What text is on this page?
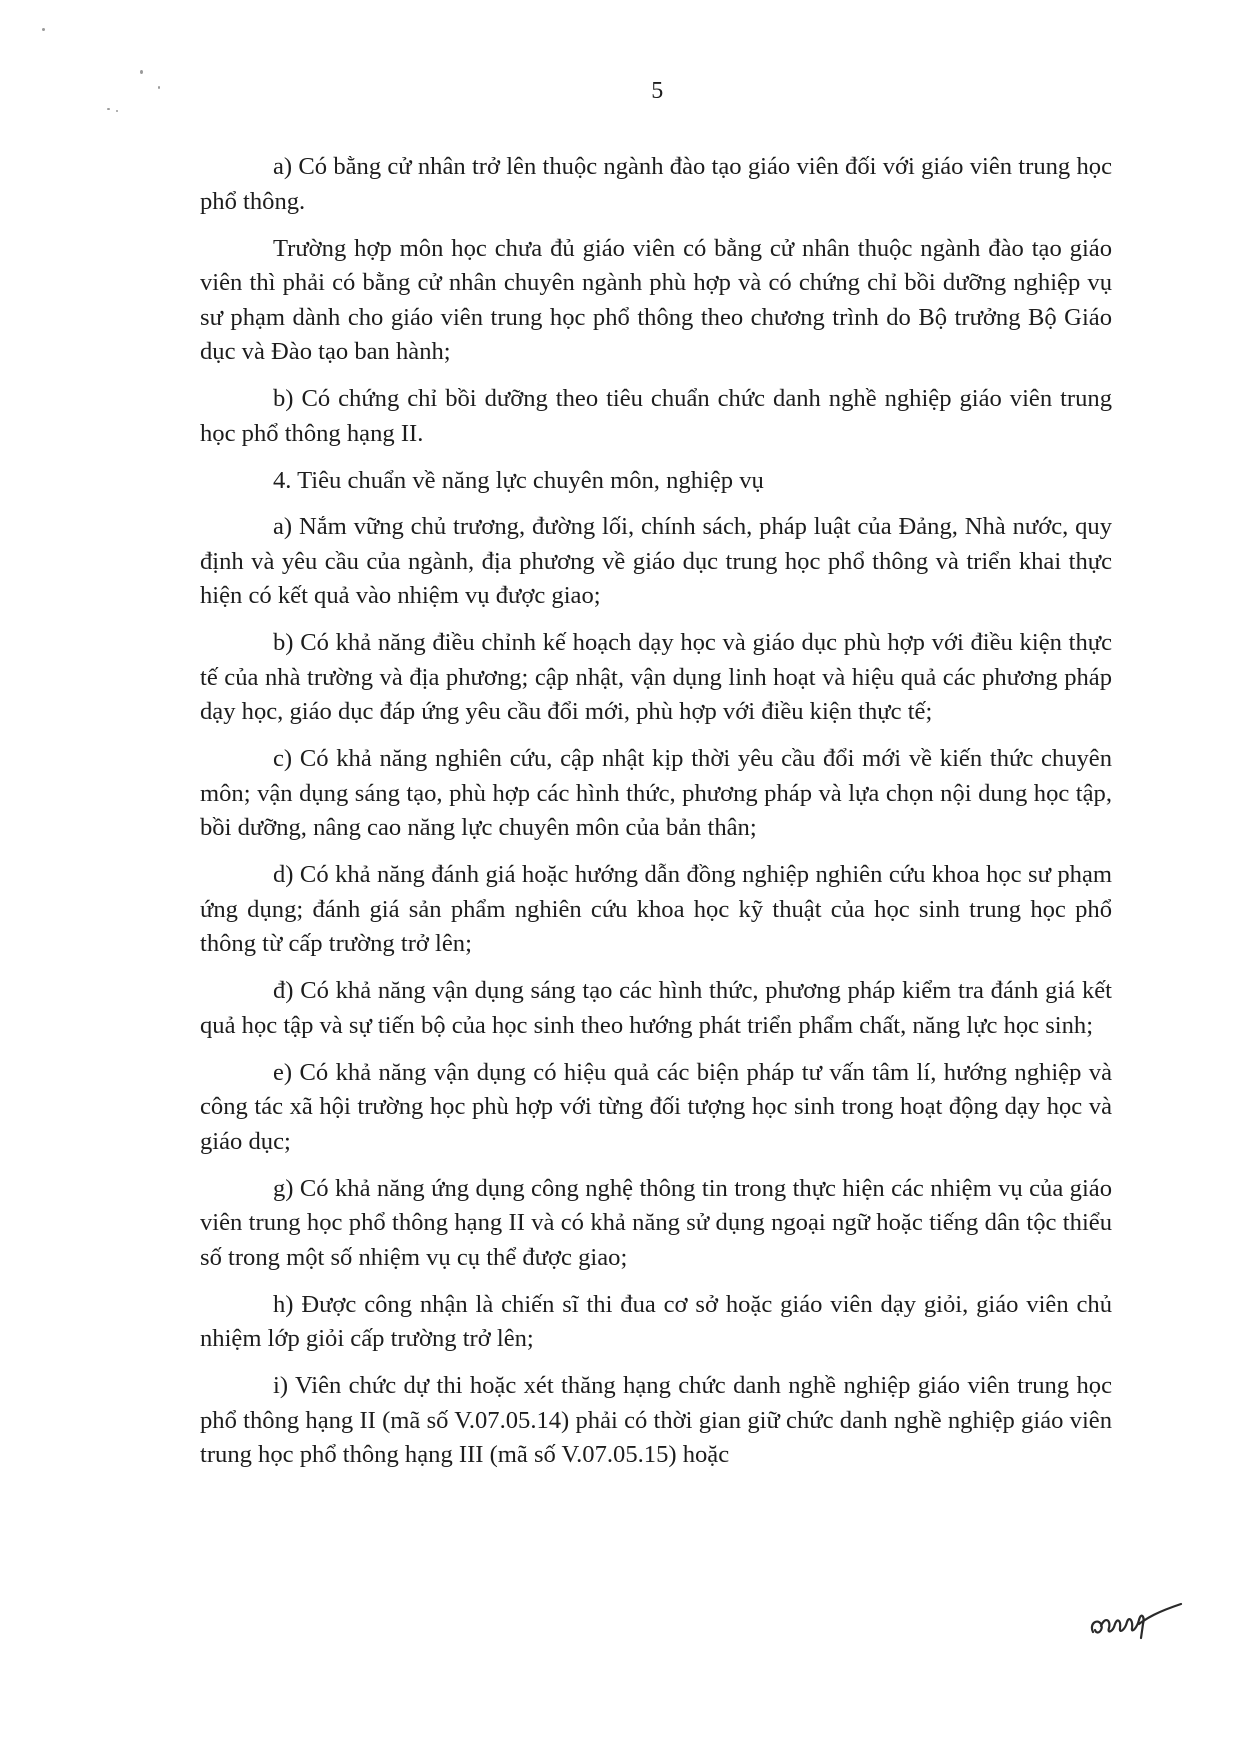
5

a) Có bằng cử nhân trở lên thuộc ngành đào tạo giáo viên đối với giáo viên trung học phổ thông.

Trường hợp môn học chưa đủ giáo viên có bằng cử nhân thuộc ngành đào tạo giáo viên thì phải có bằng cử nhân chuyên ngành phù hợp và có chứng chỉ bồi dưỡng nghiệp vụ sư phạm dành cho giáo viên trung học phổ thông theo chương trình do Bộ trưởng Bộ Giáo dục và Đào tạo ban hành;

b) Có chứng chỉ bồi dưỡng theo tiêu chuẩn chức danh nghề nghiệp giáo viên trung học phổ thông hạng II.

4. Tiêu chuẩn về năng lực chuyên môn, nghiệp vụ

a) Nắm vững chủ trương, đường lối, chính sách, pháp luật của Đảng, Nhà nước, quy định và yêu cầu của ngành, địa phương về giáo dục trung học phổ thông và triển khai thực hiện có kết quả vào nhiệm vụ được giao;

b) Có khả năng điều chỉnh kế hoạch dạy học và giáo dục phù hợp với điều kiện thực tế của nhà trường và địa phương; cập nhật, vận dụng linh hoạt và hiệu quả các phương pháp dạy học, giáo dục đáp ứng yêu cầu đổi mới, phù hợp với điều kiện thực tế;

c) Có khả năng nghiên cứu, cập nhật kịp thời yêu cầu đổi mới về kiến thức chuyên môn; vận dụng sáng tạo, phù hợp các hình thức, phương pháp và lựa chọn nội dung học tập, bồi dưỡng, nâng cao năng lực chuyên môn của bản thân;

d) Có khả năng đánh giá hoặc hướng dẫn đồng nghiệp nghiên cứu khoa học sư phạm ứng dụng; đánh giá sản phẩm nghiên cứu khoa học kỹ thuật của học sinh trung học phổ thông từ cấp trường trở lên;

đ) Có khả năng vận dụng sáng tạo các hình thức, phương pháp kiểm tra đánh giá kết quả học tập và sự tiến bộ của học sinh theo hướng phát triển phẩm chất, năng lực học sinh;

e) Có khả năng vận dụng có hiệu quả các biện pháp tư vấn tâm lí, hướng nghiệp và công tác xã hội trường học phù hợp với từng đối tượng học sinh trong hoạt động dạy học và giáo dục;

g) Có khả năng ứng dụng công nghệ thông tin trong thực hiện các nhiệm vụ của giáo viên trung học phổ thông hạng II và có khả năng sử dụng ngoại ngữ hoặc tiếng dân tộc thiểu số trong một số nhiệm vụ cụ thể được giao;

h) Được công nhận là chiến sĩ thi đua cơ sở hoặc giáo viên dạy giỏi, giáo viên chủ nhiệm lớp giỏi cấp trường trở lên;

i) Viên chức dự thi hoặc xét thăng hạng chức danh nghề nghiệp giáo viên trung học phổ thông hạng II (mã số V.07.05.14) phải có thời gian giữ chức danh nghề nghiệp giáo viên trung học phổ thông hạng III (mã số V.07.05.15) hoặc
